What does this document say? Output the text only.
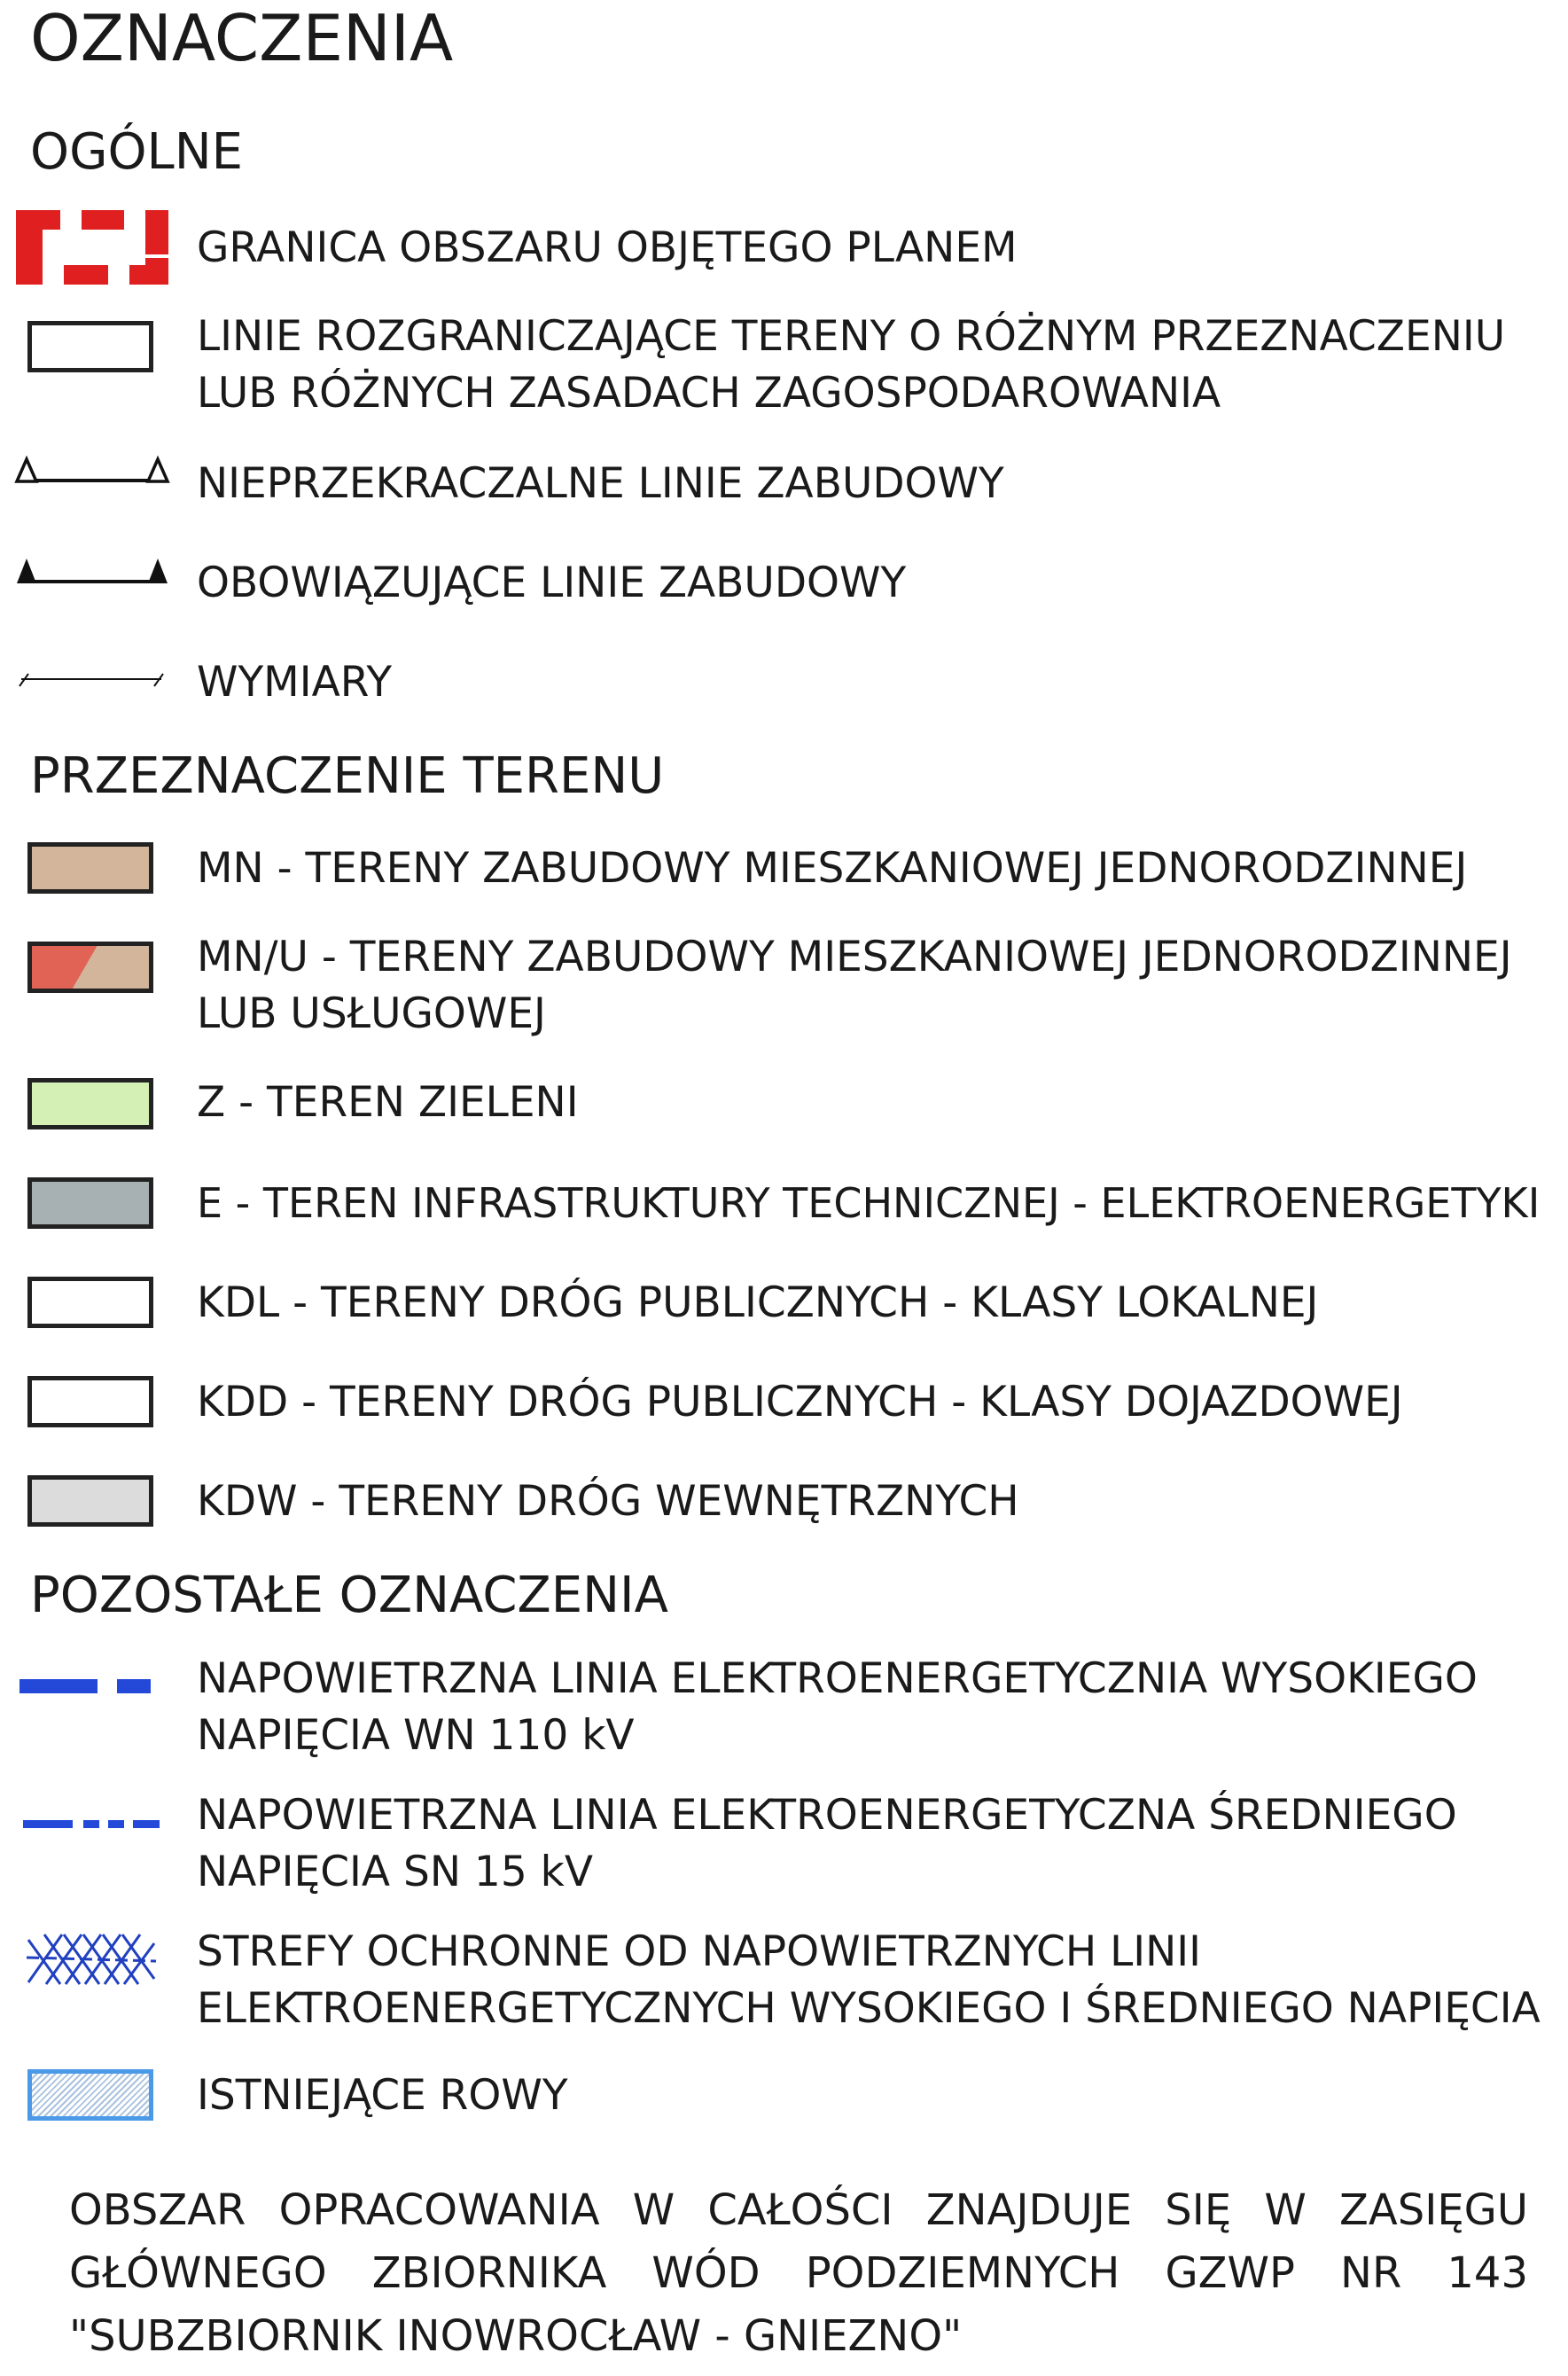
OZNACZENIA
OGÓLNE
GRANICA OBSZARU OBJĘTEGO PLANEM
LINIE ROZGRANICZAJĄCE TERENY O RÓŻNYM PRZEZNACZENIU
LUB RÓŻNYCH ZASADACH ZAGOSPODAROWANIA
NIEPRZEKRACZALNE LINIE ZABUDOWY
OBOWIĄZUJĄCE LINIE ZABUDOWY
WYMIARY
PRZEZNACZENIE TERENU
MN - TERENY ZABUDOWY MIESZKANIOWEJ JEDNORODZINNEJ
MN/U - TERENY ZABUDOWY MIESZKANIOWEJ JEDNORODZINNEJ
LUB USŁUGOWEJ
Z - TEREN ZIELENI
E - TEREN INFRASTRUKTURY TECHNICZNEJ - ELEKTROENERGETYKI
KDL - TERENY DRÓG PUBLICZNYCH - KLASY LOKALNEJ
KDD - TERENY DRÓG PUBLICZNYCH - KLASY DOJAZDOWEJ
KDW - TERENY DRÓG WEWNĘTRZNYCH
POZOSTAŁE OZNACZENIA
NAPOWIETRZNA LINIA ELEKTROENERGETYCZNIA WYSOKIEGO
NAPIĘCIA WN 110 kV
NAPOWIETRZNA LINIA ELEKTROENERGETYCZNA ŚREDNIEGO
NAPIĘCIA SN 15 kV
STREFY OCHRONNE OD NAPOWIETRZNYCH LINII
ELEKTROENERGETYCZNYCH WYSOKIEGO I ŚREDNIEGO NAPIĘCIA
ISTNIEJĄCE ROWY
OBSZAR OPRACOWANIA W CAŁOŚCI ZNAJDUJE SIĘ W ZASIĘGU
GŁÓWNEGO ZBIORNIKA WÓD PODZIEMNYCH GZWP NR 143
"SUBZBIORNIK INOWROCŁAW - GNIEZNO"
